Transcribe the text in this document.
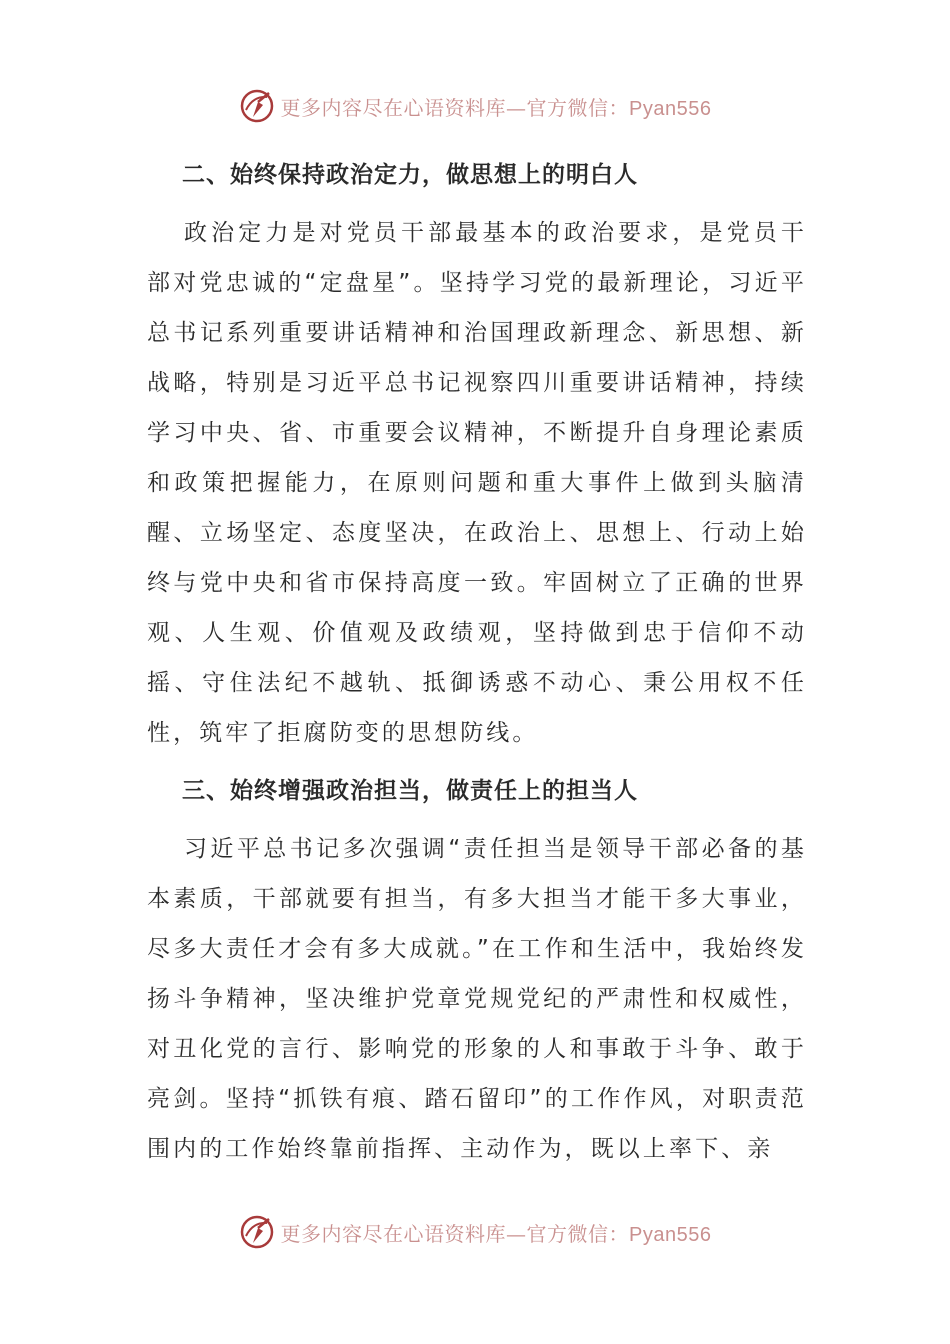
更多内容尽在心语资料库—官方微信：Pyan556

二、始终保持政治定力，做思想上的明白人

政治定力是对党员干部最基本的政治要求，是党员干部对党忠诚的“定盘星”。坚持学习党的最新理论，习近平总书记系列重要讲话精神和治国理政新理念、新思想、新战略，特别是习近平总书记视察四川重要讲话精神，持续学习中央、省、市重要会议精神，不断提升自身理论素质和政策把握能力，在原则问题和重大事件上做到头脑清醒、立场坚定、态度坚决，在政治上、思想上、行动上始终与党中央和省市保持高度一致。牢固树立了正确的世界观、人生观、价值观及政绩观，坚持做到忠于信仰不动摇、守住法纪不越轨、抵御诱惑不动心、秉公用权不任性，筑牢了拒腐防变的思想防线。

三、始终增强政治担当，做责任上的担当人

习近平总书记多次强调“责任担当是领导干部必备的基本素质，干部就要有担当，有多大担当才能干多大事业，尽多大责任才会有多大成就。”在工作和生活中，我始终发扬斗争精神，坚决维护党章党规党纪的严肃性和权威性，对丑化党的言行、影响党的形象的人和事敢于斗争、敢于亮剑。坚持“抓铁有痕、踏石留印”的工作作风，对职责范围内的工作始终靠前指挥、主动作为，既以上率下、亲

更多内容尽在心语资料库—官方微信：Pyan556
